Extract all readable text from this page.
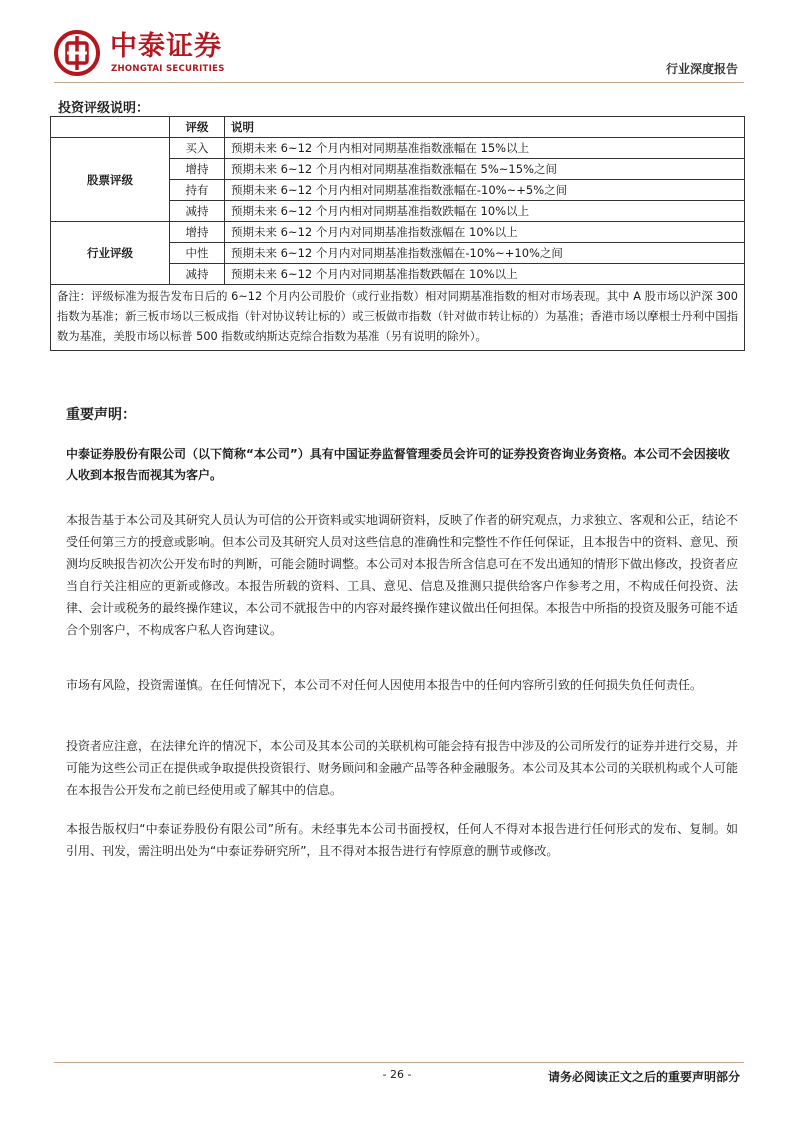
中泰证券
ZHONGTAI SECURITIES	行业深度报告
投资评级说明：
	评级	说明
股票评级	买入	预期未来 6~12 个月内相对同期基准指数涨幅在 15%以上
	增持	预期未来 6~12 个月内相对同期基准指数涨幅在 5%~15%之间
	持有	预期未来 6~12 个月内相对同期基准指数涨幅在-10%~+5%之间
	减持	预期未来 6~12 个月内相对同期基准指数跌幅在 10%以上
行业评级	增持	预期未来 6~12 个月内对同期基准指数涨幅在 10%以上
	中性	预期未来 6~12 个月内对同期基准指数涨幅在-10%~+10%之间
	减持	预期未来 6~12 个月内对同期基准指数跌幅在 10%以上
备注：评级标准为报告发布日后的 6~12 个月内公司股价（或行业指数）相对同期基准指数的相对市场表现。其中 A 股市场以沪深 300 指数为基准；新三板市场以三板成指（针对协议转让标的）或三板做市指数（针对做市转让标的）为基准；香港市场以摩根士丹利中国指数为基准，美股市场以标普 500 指数或纳斯达克综合指数为基准（另有说明的除外）。		
重要声明：
中泰证券股份有限公司（以下简称“本公司”）具有中国证券监督管理委员会许可的证券投资咨询业务资格。本公司不会因接收人收到本报告而视其为客户。
本报告基于本公司及其研究人员认为可信的公开资料或实地调研资料，反映了作者的研究观点，力求独立、客观和公正，结论不受任何第三方的授意或影响。但本公司及其研究人员对这些信息的准确性和完整性不作任何保证，且本报告中的资料、意见、预测均反映报告初次公开发布时的判断，可能会随时调整。本公司对本报告所含信息可在不发出通知的情形下做出修改，投资者应当自行关注相应的更新或修改。本报告所载的资料、工具、意见、信息及推测只提供给客户作参考之用，不构成任何投资、法律、会计或税务的最终操作建议，本公司不就报告中的内容对最终操作建议做出任何担保。本报告中所指的投资及服务可能不适合个别客户，不构成客户私人咨询建议。
市场有风险，投资需谨慎。在任何情况下，本公司不对任何人因使用本报告中的任何内容所引致的任何损失负任何责任。
投资者应注意，在法律允许的情况下，本公司及其本公司的关联机构可能会持有报告中涉及的公司所发行的证券并进行交易，并可能为这些公司正在提供或争取提供投资银行、财务顾问和金融产品等各种金融服务。本公司及其本公司的关联机构或个人可能在本报告公开发布之前已经使用或了解其中的信息。
本报告版权归“中泰证券股份有限公司”所有。未经事先本公司书面授权，任何人不得对本报告进行任何形式的发布、复制。如引用、刊发，需注明出处为“中泰证券研究所”，且不得对本报告进行有悖原意的删节或修改。
- 26 -	请务必阅读正文之后的重要声明部分
